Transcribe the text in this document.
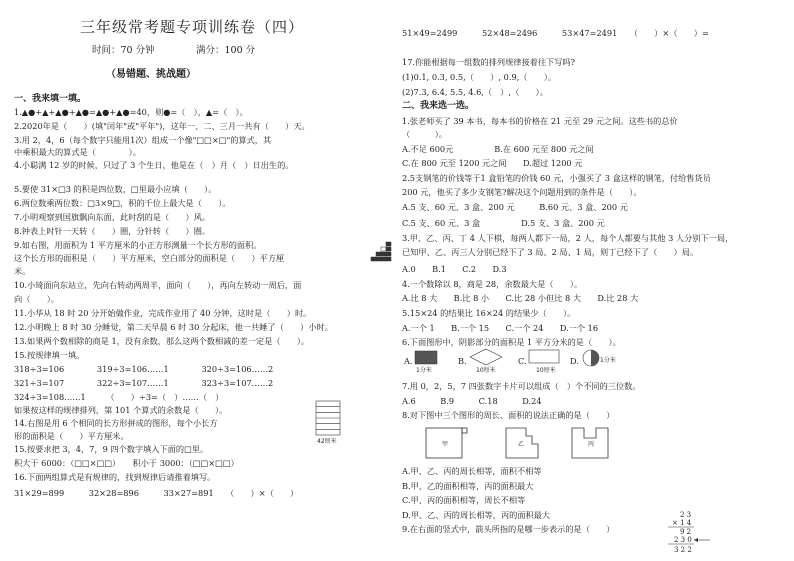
三年级常考题专项训练卷（四）
时间：70 分钟	满分：100 分
（易错题、挑战题）
一、我来填一填。
1.▲●+▲+▲●+▲●=▲●+▲●=40，则●=（　），▲=（　）。
2.2020年是（　　）(填"闰年"或"平年")，这年一、二、三月一共有（　　）天。
3.用 2，4，6（每个数字只能用1次）组成一个像"□□×□"的算式，其
中乘积最大的算式是（　　　　）。
4.小聪满 12 岁的时候，只过了 3 个生日，他是在（　）月（　）日出生的。
5.要使 31×□3 的积是四位数，□里最小应填（　　）。
6.两位数乘两位数：□3×9□，积的千位上最大是（　　）。
7.小明观察到国旗飘向东面，此时刮的是（　　）风。
8.钟表上时针一天转（　　）圈，分针转（　　）圈。
9.如右图，用面积为 1 平方厘米的小正方形测量一个长方形的面积。
这个长方形的面积是（　　）平方厘米，空白部分的面积是（　　）平方厘
米。
10.小琦面向东站立，先向右转动两周半，面向（　　），再向左转动一周后，面
向（　　）。
11.小华从 18 时 20 分开始做作业，完成作业用了 40 分钟，这时是（　　）时。
12.小明晚上 8 时 30 分睡觉，第二天早晨 6 时 30 分起床，他一共睡了（　　）小时。
13.如果两个数相除的商是 1，没有余数，那么这两个数相减的差一定是（　　）。
15.按规律填一填。
318÷3=106　　　　319÷3=106……1　　　　320÷3=106……2
321÷3=107　　　　322÷3=107……1　　　　323÷3=107……2
324÷3=108……1　　　（　　）÷3=（　）……（　）
如果按这样的规律排列，第 101 个算式的余数是（　　）。
14.右图是用 6 个相同的长方形拼成的图形，每个小长方
形的面积是（　　）平方厘米。
42厘米
15.按要求把 3，4，7，9 四个数字填入下面的□里。
积大于 6000：（□□×□□）　　积小于 3000：（□□×□□）
16.下面两组算式是有规律的，找到规律后请推着填写。
31×29=899　　　32×28=896　　　33×27=891　　（　　）×（　　）
51×49=2499　　　52×48=2496　　　53×47=2491　　（　　）×（　　）=
17.你能根据每一组数的排列规律接着往下写吗?
(1)0.1, 0.3, 0.5,（　　）, 0.9,（　　）。
(2)7.3, 6.4, 5.5, 4.6,（　）,（　　）。
二、我来选一选。
1.张老师买了 39 本书，每本书的价格在 21 元至 29 元之间。这些书的总价
（　　　）。
A.不足 600元　　　　　B.在 600 元至 800 元之间
C.在 800 元至 1200 元之间　　D.超过 1200 元
2.5支钢笔的价钱等于1 盒铅笔的价钱 60 元，小强买了 3 盒这样的钢笔，付给售货员
200 元，他买了多少支钢笔?解决这个问题用到的条件是（　　）。
A.5 支、60 元、3 盒、200 元　　　B.60 元、3 盒、200 元
C.5 支、60 元、3 盒　　　　　D.5 支、3 盒、200 元
3.甲、乙、丙、丁 4 人下棋，每两人都下一局，2 人，每个人都要与其他 3 人分别下一局，
已知甲、乙、丙三人分别已经下了 3 局、2 局、1 局，则丁已经下了（　　）局。
A.0　　B.1　　C.2　　D.3
4.一个数除以 8，商是 28，余数最大是（　　）。
A.比 8 大　　B.比 8 小　　C.比 28 小但比 8 大　　D.比 28 大
5.15×24 的结果比 16×24 的结果少（　　）。
A.一个 1　　B.一个 15　　C.一个 24　　D.一个 16
6.下面图形中，阴影部分的面积是 1 平方分米的是（　　）。
A.
1分米
B.
10厘米
C.
10厘米
D.	1分米
7.用 0，2，5，7 四张数字卡片可以组成（　）个不同的三位数。
A.6　　　B.9　　　C.18　　　D.24
8.对下图中三个图形的周长、面积的说法正确的是（　　）
甲	乙	丙
A.甲、乙、丙的周长相等，面积不相等
B.甲、乙的面积相等，丙的面积最大
C.甲、丙的面积相等，周长不相等
D.甲、乙、丙的周长相等，丙的面积最大
9.在右面的竖式中，箭头所指的是哪一步表示的是（　　）
2 3
× 1 4
9 2
2 3 0
3 2 2
